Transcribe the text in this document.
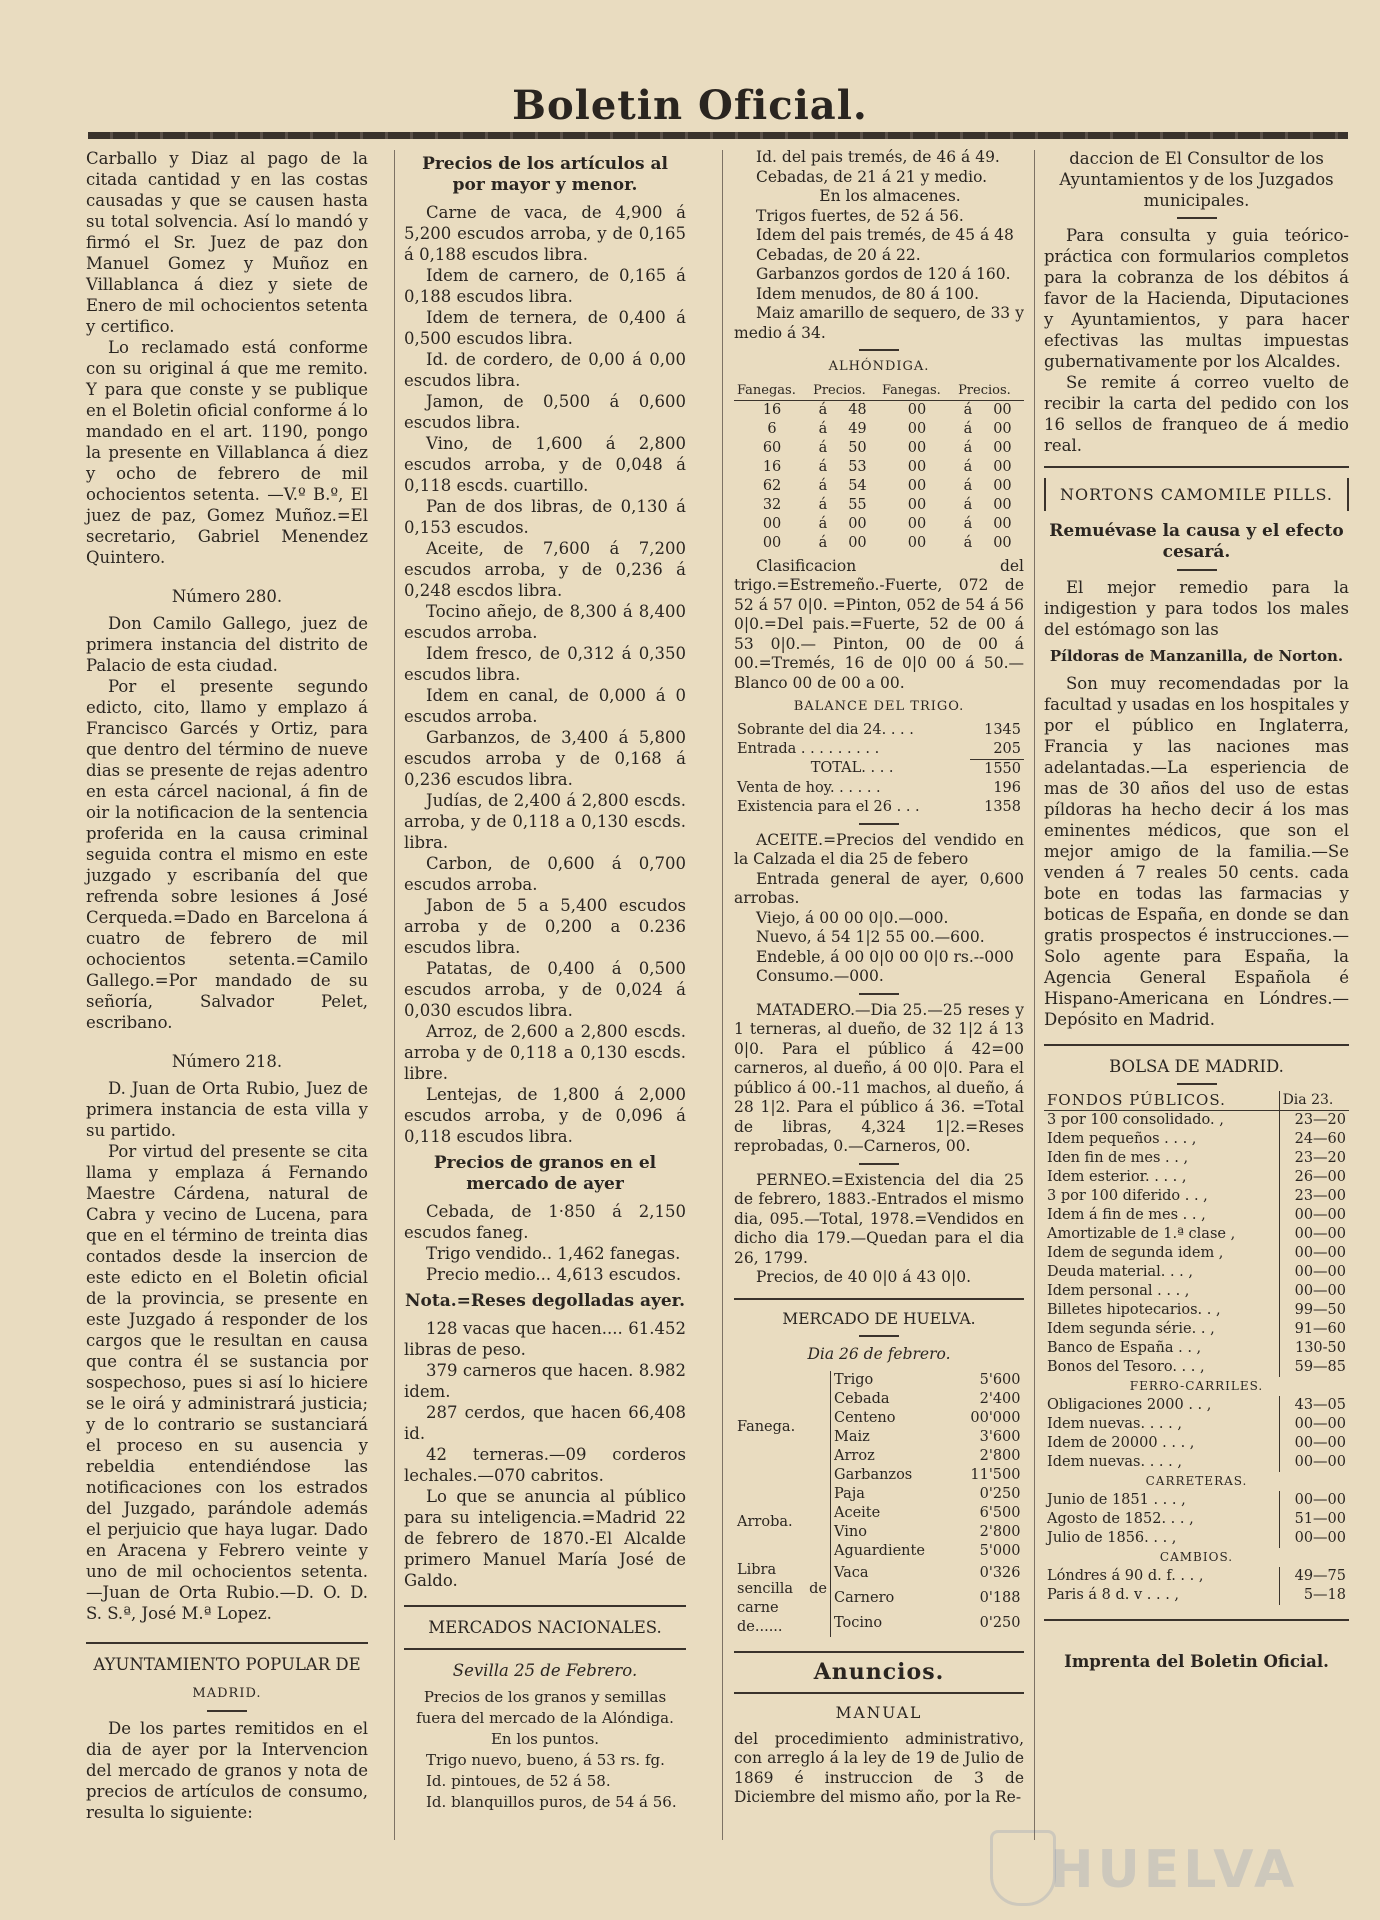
Boletin Oficial.

Carballo y Diaz al pago de la citada cantidad y en las costas causadas y que se causen hasta su total solvencia. Así lo mandó y firmó el Sr. Juez de paz don Manuel Gomez y Muñoz en Villablanca á diez y siete de Enero de mil ochocientos setenta y certifico.

Lo reclamado está conforme con su original á que me remito. Y para que conste y se publique en el Boletin oficial conforme á lo mandado en el art. 1190, pongo la presente en Villablanca á diez y ocho de febrero de mil ochocientos setenta. —V.º B.º, El juez de paz, Gomez Muñoz.=El secretario, Gabriel Menendez Quintero.

Número 280.

Don Camilo Gallego, juez de primera instancia del distrito de Palacio de esta ciudad.

Por el presente segundo edicto, cito, llamo y emplazo á Francisco Garcés y Ortiz, para que dentro del término de nueve dias se presente de rejas adentro en esta cárcel nacional, á fin de oir la notificacion de la sentencia proferida en la causa criminal seguida contra el mismo en este juzgado y escribanía del que refrenda sobre lesiones á José Cerqueda.=Dado en Barcelona á cuatro de febrero de mil ochocientos setenta.=Camilo Gallego.=Por mandado de su señoría, Salvador Pelet, escribano.

Número 218.

D. Juan de Orta Rubio, Juez de primera instancia de esta villa y su partido.

Por virtud del presente se cita llama y emplaza á Fernando Maestre Cárdena, natural de Cabra y vecino de Lucena, para que en el término de treinta dias contados desde la insercion de este edicto en el Boletin oficial de la provincia, se presente en este Juzgado á responder de los cargos que le resultan en causa que contra él se sustancia por sospechoso, pues si así lo hiciere se le oirá y administrará justicia; y de lo contrario se sustanciará el proceso en su ausencia y rebeldia entendiéndose las notificaciones con los estrados del Juzgado, parándole además el perjuicio que haya lugar. Dado en Aracena y Febrero veinte y uno de mil ochocientos setenta. —Juan de Orta Rubio.—D. O. D. S. S.ª, José M.ª Lopez.

AYUNTAMIENTO POPULAR DE
MADRID.

De los partes remitidos en el dia de ayer por la Intervencion del mercado de granos y nota de precios de artículos de consumo, resulta lo siguiente:

Precios de los artículos al por mayor y menor.

Carne de vaca, de 4,900 á 5,200 escudos arroba, y de 0,165 á 0,188 escudos libra.

Idem de carnero, de 0,165 á 0,188 escudos libra.

Idem de ternera, de 0,400 á 0,500 escudos libra.

Id. de cordero, de 0,00 á 0,00 escudos libra.

Jamon, de 0,500 á 0,600 escudos libra.

Vino, de 1,600 á 2,800 escudos arroba, y de 0,048 á 0,118 escds. cuartillo.

Pan de dos libras, de 0,130 á 0,153 escudos.

Aceite, de 7,600 á 7,200 escudos arroba, y de 0,236 á 0,248 escdos libra.

Tocino añejo, de 8,300 á 8,400 escudos arroba.

Idem fresco, de 0,312 á 0,350 escudos libra.

Idem en canal, de 0,000 á 0 escudos arroba.

Garbanzos, de 3,400 á 5,800 escudos arroba y de 0,168 á 0,236 escudos libra.

Judías, de 2,400 á 2,800 escds. arroba, y de 0,118 a 0,130 escds. libra.

Carbon, de 0,600 á 0,700 escudos arroba.

Jabon de 5 a 5,400 escudos arroba y de 0,200 a 0.236 escudos libra.

Patatas, de 0,400 á 0,500 escudos arroba, y de 0,024 á 0,030 escudos libra.

Arroz, de 2,600 a 2,800 escds. arroba y de 0,118 a 0,130 escds. libre.

Lentejas, de 1,800 á 2,000 escudos arroba, y de 0,096 á 0,118 escudos libra.

Precios de granos en el mercado de ayer

Cebada, de 1·850 á 2,150 escudos faneg.

Trigo vendido.. 1,462 fanegas.

Precio medio... 4,613 escudos.

Nota.=Reses degolladas ayer.

128 vacas que hacen.... 61.452 libras de peso.

379 carneros que hacen. 8.982 idem.

287 cerdos, que hacen 66,408 id.

42 terneras.—09 corderos lechales.—070 cabritos.

Lo que se anuncia al público para su inteligencia.=Madrid 22 de febrero de 1870.-El Alcalde primero Manuel María José de Galdo.

MERCADOS NACIONALES.
Sevilla 25 de Febrero.

Precios de los granos y semillas fuera del mercado de la Alóndiga.

En los puntos.

Trigo nuevo, bueno, á 53 rs. fg.

Id. pintoues, de 52 á 58.

Id. blanquillos puros, de 54 á 56.

Id. del pais tremés, de 46 á 49.

Cebadas, de 21 á 21 y medio.

En los almacenes.

Trigos fuertes, de 52 á 56.

Idem del pais tremés, de 45 á 48

Cebadas, de 20 á 22.

Garbanzos gordos de 120 á 160.

Idem menudos, de 80 á 100.

Maiz amarillo de sequero, de 33 y medio á 34.

ALHÓNDIGA.
Fanegas.	Precios.		Fanegas.	Precios.	
16	á	48	00	á	00
6	á	49	00	á	00
60	á	50	00	á	00
16	á	53	00	á	00
62	á	54	00	á	00
32	á	55	00	á	00
00	á	00	00	á	00
00	á	00	00	á	00

Clasificacion del trigo.=Estremeño.-Fuerte, 072 de 52 á 57 0|0. =Pinton, 052 de 54 á 56 0|0.=Del pais.=Fuerte, 52 de 00 á 53 0|0.— Pinton, 00 de 00 á 00.=Tremés, 16 de 0|0 00 á 50.—Blanco 00 de 00 a 00.

BALANCE DEL TRIGO.
Sobrante del dia 24. . . .	1345
Entrada . . . . . . . . .	205
TOTAL. . . .	1550
Venta de hoy. . . . . .	196
Existencia para el 26 . . .	1358

ACEITE.=Precios del vendido en la Calzada el dia 25 de febero

Entrada general de ayer, 0,600 arrobas.

Viejo, á 00 00 0|0.—000.

Nuevo, á 54 1|2 55 00.—600.

Endeble, á 00 0|0 00 0|0 rs.--000

Consumo.—000.

MATADERO.—Dia 25.—25 reses y 1 terneras, al dueño, de 32 1|2 á 13 0|0. Para el público á 42=00 carneros, al dueño, á 00 0|0. Para el público á 00.-11 machos, al dueño, á 28 1|2. Para el público á 36. =Total de libras, 4,324 1|2.=Reses reprobadas, 0.—Carneros, 00.

PERNEO.=Existencia del dia 25 de febrero, 1883.-Entrados el mismo dia, 095.—Total, 1978.=Vendidos en dicho dia 179.—Quedan para el dia 26, 1799.

Precios, de 40 0|0 á 43 0|0.

MERCADO DE HUELVA.
Dia 26 de febrero.
Fanega.	Trigo	5'600
	Cebada	2'400
	Centeno	00'000
	Maiz	3'600
	Arroz	2'800
	Garbanzos	11'500
Arroba.	Paja	0'250
	Aceite	6'500
	Vino	2'800
	Aguardiente	5'000
Libra sencilla de carne de......	Vaca	0'326
	Carnero	0'188
	Tocino	0'250
Anuncios.
MANUAL

del procedimiento administrativo, con arreglo á la ley de 19 de Julio de 1869 é instruccion de 3 de Diciembre del mismo año, por la Re-

daccion de El Consultor de los Ayuntamientos y de los Juzgados municipales.

Para consulta y guia teórico-práctica con formularios completos para la cobranza de los débitos á favor de la Hacienda, Diputaciones y Ayuntamientos, y para hacer efectivas las multas impuestas gubernativamente por los Alcaldes.

Se remite á correo vuelto de recibir la carta del pedido con los 16 sellos de franqueo de á medio real.

NORTONS CAMOMILE PILLS.
Remuévase la causa y el efecto cesará.

El mejor remedio para la indigestion y para todos los males del estómago son las

Píldoras de Manzanilla, de Norton.

Son muy recomendadas por la facultad y usadas en los hospitales y por el público en Inglaterra, Francia y las naciones mas adelantadas.—La esperiencia de mas de 30 años del uso de estas píldoras ha hecho decir á los mas eminentes médicos, que son el mejor amigo de la familia.—Se venden á 7 reales 50 cents. cada bote en todas las farmacias y boticas de España, en donde se dan gratis prospectos é instrucciones.—Solo agente para España, la Agencia General Española é Hispano-Americana en Lóndres.—Depósito en Madrid.

BOLSA DE MADRID.
FONDOS PÚBLICOS.	Dia 23.
3 por 100 consolidado. ,	23—20
Idem pequeños . . . ,	24—60
Iden fin de mes . . ,	23—20
Idem esterior. . . . ,	26—00
3 por 100 diferido . . ,	23—00
Idem á fin de mes . . ,	00—00
Amortizable de 1.ª clase ,	00—00
Idem de segunda idem ,	00—00
Deuda material. . . ,	00—00
Idem personal . . . ,	00—00
Billetes hipotecarios. . ,	99—50
Idem segunda série. . ,	91—60
Banco de España . . ,	130-50
Bonos del Tesoro. . . ,	59—85
FERRO-CARRILES.	
Obligaciones 2000 . . ,	43—05
Idem nuevas. . . . ,	00—00
Idem de 20000 . . . ,	00—00
Idem nuevas. . . . ,	00—00
CARRETERAS.	
Junio de 1851 . . . ,	00—00
Agosto de 1852. . . ,	51—00
Julio de 1856. . . ,	00—00
CAMBIOS.	
Lóndres á 90 d. f. . . ,	49—75
Paris á 8 d. v . . . ,	5—18
Imprenta del Boletin Oficial.
HUELVA
